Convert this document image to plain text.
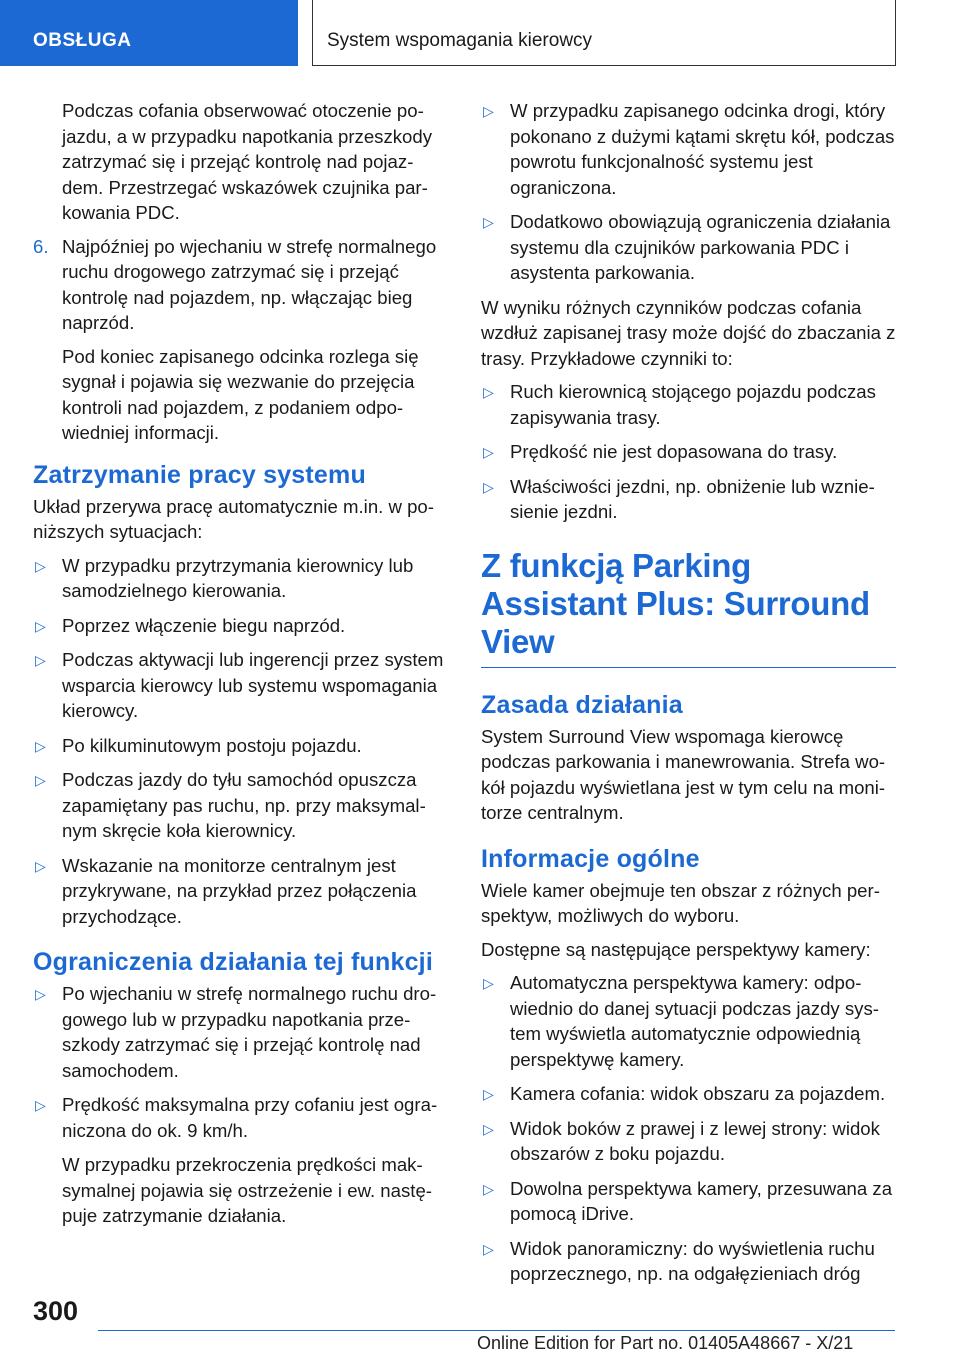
OBSŁUGA	System wspomagania kierowcy
Podczas cofania obserwować otoczenie pojazdu, a w przypadku napotkania przeszkody zatrzymać się i przejąć kontrolę nad pojazdem. Przestrzegać wskazówek czujnika parkowania PDC.
6. Najpóźniej po wjechaniu w strefę normalnego ruchu drogowego zatrzymać się i przejąć kontrolę nad pojazdem, np. włączając bieg naprzód.
Pod koniec zapisanego odcinka rozlega się sygnał i pojawia się wezwanie do przejęcia kontroli nad pojazdem, z podaniem odpowiedniej informacji.
Zatrzymanie pracy systemu
Układ przerywa pracę automatycznie m.in. w poniższych sytuacjach:
▷ W przypadku przytrzymania kierownicy lub samodzielnego kierowania.
▷ Poprzez włączenie biegu naprzód.
▷ Podczas aktywacji lub ingerencji przez system wsparcia kierowcy lub systemu wspomagania kierowcy.
▷ Po kilkuminutowym postoju pojazdu.
▷ Podczas jazdy do tyłu samochód opuszcza zapamiętany pas ruchu, np. przy maksymalnym skręcie koła kierownicy.
▷ Wskazanie na monitorze centralnym jest przykrywane, na przykład przez połączenia przychodzące.
Ograniczenia działania tej funkcji
▷ Po wjechaniu w strefę normalnego ruchu drogowego lub w przypadku napotkania przeszkody zatrzymać się i przejąć kontrolę nad samochodem.
▷ Prędkość maksymalna przy cofaniu jest ograniczona do ok. 9 km/h.
W przypadku przekroczenia prędkości maksymalnej pojawia się ostrzeżenie i ew. następuje zatrzymanie działania.
▷ W przypadku zapisanego odcinka drogi, który pokonano z dużymi kątami skrętu kół, podczas powrotu funkcjonalność systemu jest ograniczona.
▷ Dodatkowo obowiązują ograniczenia działania systemu dla czujników parkowania PDC i asystenta parkowania.
W wyniku różnych czynników podczas cofania wzdłuż zapisanej trasy może dojść do zbaczania z trasy. Przykładowe czynniki to:
▷ Ruch kierownicą stojącego pojazdu podczas zapisywania trasy.
▷ Prędkość nie jest dopasowana do trasy.
▷ Właściwości jezdni, np. obniżenie lub wzniesienie jezdni.
Z funkcją Parking Assistant Plus: Surround View
Zasada działania
System Surround View wspomaga kierowcę podczas parkowania i manewrowania. Strefa wokół pojazdu wyświetlana jest w tym celu na monitorze centralnym.
Informacje ogólne
Wiele kamer obejmuje ten obszar z różnych perspektyw, możliwych do wyboru.
Dostępne są następujące perspektywy kamery:
▷ Automatyczna perspektywa kamery: odpowiednio do danej sytuacji podczas jazdy system wyświetla automatycznie odpowiednią perspektywę kamery.
▷ Kamera cofania: widok obszaru za pojazdem.
▷ Widok boków z prawej i z lewej strony: widok obszarów z boku pojazdu.
▷ Dowolna perspektywa kamery, przesuwana za pomocą iDrive.
▷ Widok panoramiczny: do wyświetlenia ruchu poprzecznego, np. na odgałęzieniach dróg
300
Online Edition for Part no. 01405A48667 - X/21
